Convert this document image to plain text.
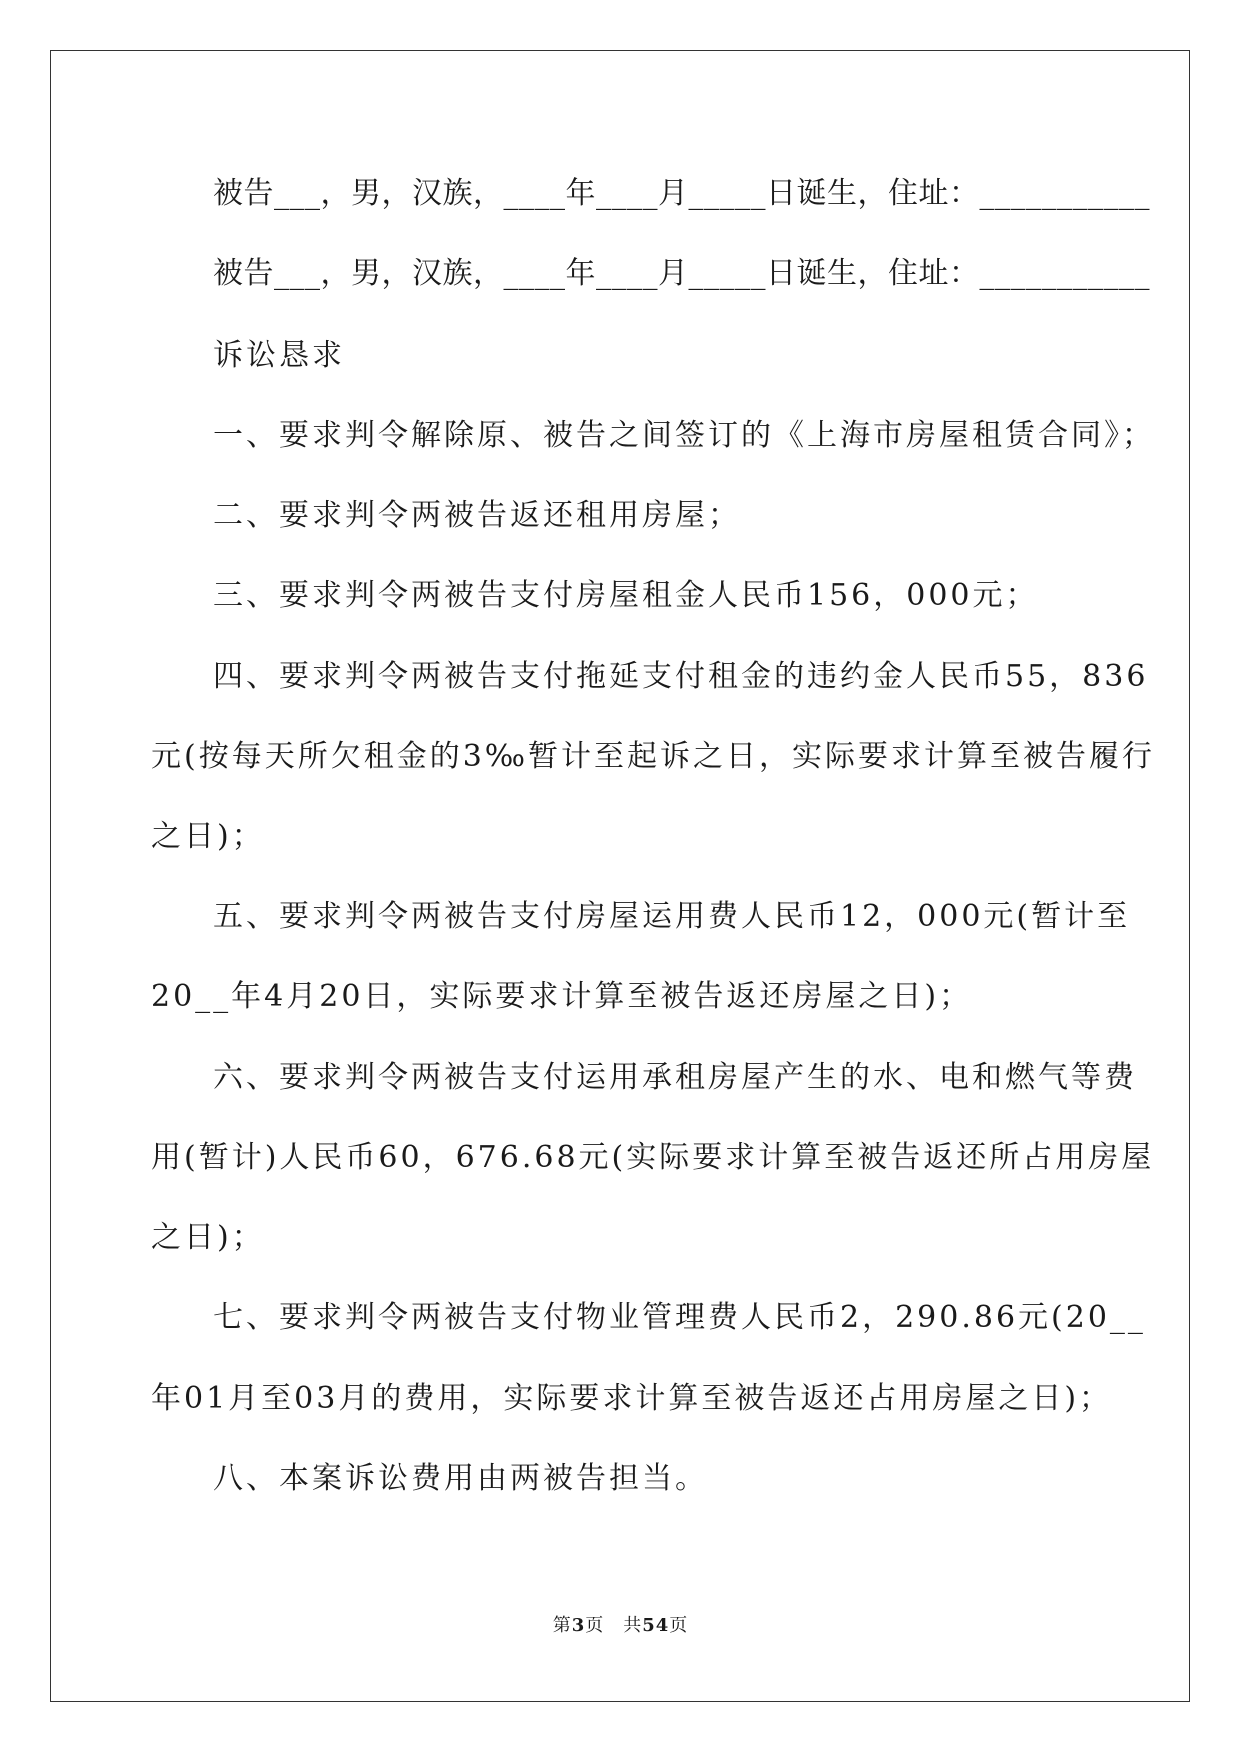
被告___，男，汉族，____年____月_____日诞生，住址：___________
被告___，男，汉族，____年____月_____日诞生，住址：___________
诉讼恳求
一、要求判令解除原、被告之间签订的《上海市房屋租赁合同》；
二、要求判令两被告返还租用房屋；
三、要求判令两被告支付房屋租金人民币156，000元；
四、要求判令两被告支付拖延支付租金的违约金人民币55，836
元(按每天所欠租金的3‰暂计至起诉之日，实际要求计算至被告履行
之日)；
五、要求判令两被告支付房屋运用费人民币12，000元(暂计至
20__年4月20日，实际要求计算至被告返还房屋之日)；
六、要求判令两被告支付运用承租房屋产生的水、电和燃气等费
用(暂计)人民币60，676.68元(实际要求计算至被告返还所占用房屋
之日)；
七、要求判令两被告支付物业管理费人民币2，290.86元(20__
年01月至03月的费用，实际要求计算至被告返还占用房屋之日)；
八、本案诉讼费用由两被告担当。
第3页　共54页
